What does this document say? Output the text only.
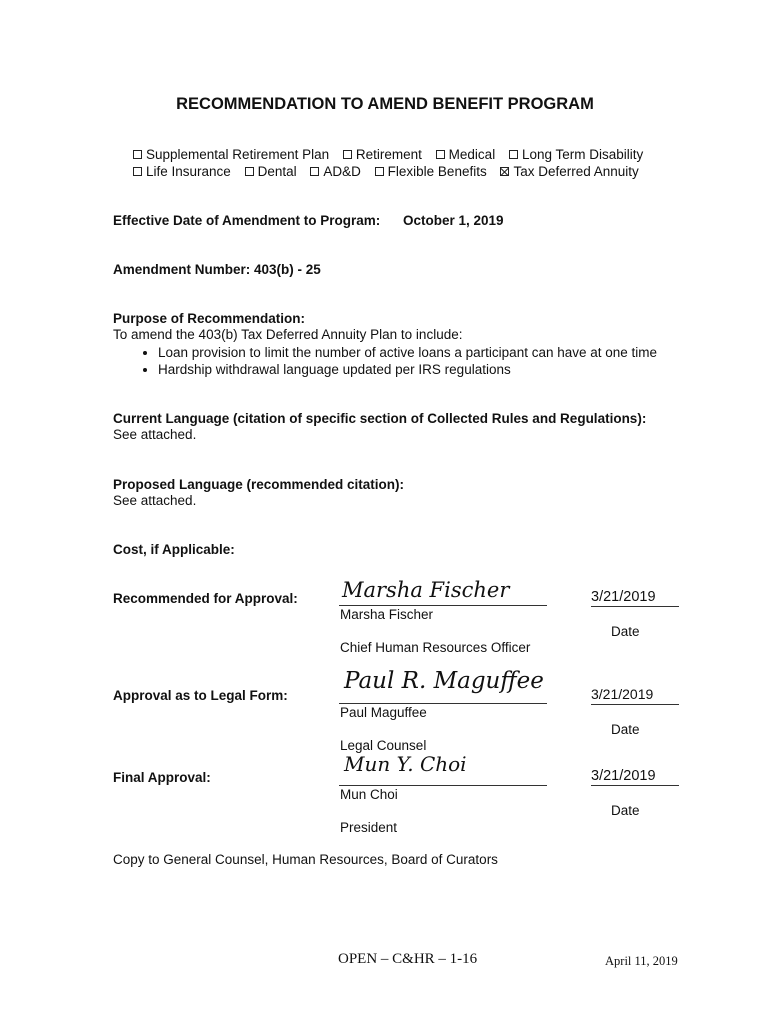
RECOMMENDATION TO AMEND BENEFIT PROGRAM
Supplemental Retirement Plan Retirement Medical Long Term Disability
Life Insurance Dental AD&D Flexible Benefits Tax Deferred Annuity
Effective Date of Amendment to Program: October 1, 2019
Amendment Number: 403(b) - 25
Purpose of Recommendation:
To amend the 403(b) Tax Deferred Annuity Plan to include:
• Loan provision to limit the number of active loans a participant can have at one time
• Hardship withdrawal language updated per IRS regulations
Current Language (citation of specific section of Collected Rules and Regulations):
See attached.
Proposed Language (recommended citation):
See attached.
Cost, if Applicable:
Recommended for Approval: Marsha Fischer
Marsha Fischer
Chief Human Resources Officer
3/21/2019
Date
Approval as to Legal Form:
Paul R. Maguffee
Paul Maguffee
Legal Counsel
3/21/2019
Date
Final Approval:
Mun Y. Choi
Mun Choi
President
3/21/2019
Date
Copy to General Counsel, Human Resources, Board of Curators
OPEN – C&HR – 1-16	April 11, 2019
